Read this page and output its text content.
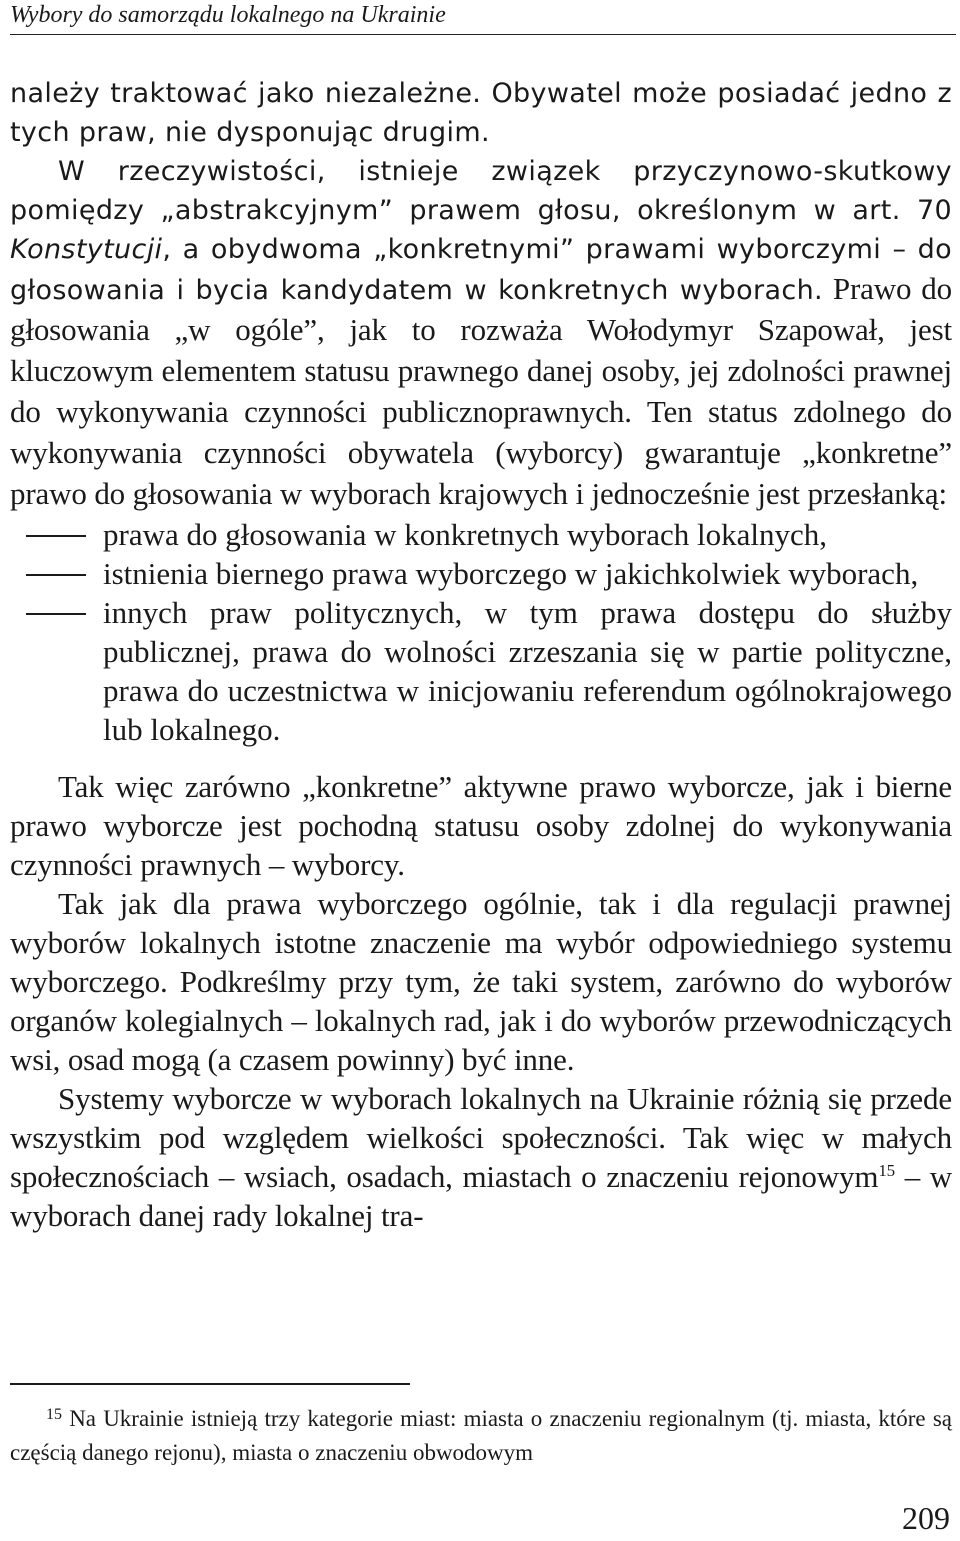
Wybory do samorządu lokalnego na Ukrainie

należy traktować jako niezależne. Obywatel może posiadać jedno z tych praw, nie dysponując drugim.

W rzeczywistości, istnieje związek przyczynowo-skutkowy pomiędzy „abstrakcyjnym” prawem głosu, określonym w art. 70 Konstytucji, a obydwoma „konkretnymi” prawami wyborczymi – do głosowania i bycia kandydatem w konkretnych wyborach. Prawo do głosowania „w ogóle”, jak to rozważa Wołodymyr Szapował, jest kluczowym elementem statusu prawnego danej osoby, jej zdolności prawnej do wykonywania czynności publicznoprawnych. Ten status zdolnego do wykonywania czynności obywatela (wyborcy) gwarantuje „konkretne” prawo do głosowania w wyborach krajowych i jednocześnie jest przesłanką:

prawa do głosowania w konkretnych wyborach lokalnych,
istnienia biernego prawa wyborczego w jakichkolwiek wyborach,
innych praw politycznych, w tym prawa dostępu do służby publicznej, prawa do wolności zrzeszania się w partie polityczne, prawa do uczestnictwa w inicjowaniu referendum ogólnokrajowego lub lokalnego.

Tak więc zarówno „konkretne” aktywne prawo wyborcze, jak i bierne prawo wyborcze jest pochodną statusu osoby zdolnej do wykonywania czynności prawnych – wyborcy.

Tak jak dla prawa wyborczego ogólnie, tak i dla regulacji prawnej wyborów lokalnych istotne znaczenie ma wybór odpowiedniego systemu wyborczego. Podkreślmy przy tym, że taki system, zarówno do wyborów organów kolegialnych – lokalnych rad, jak i do wyborów przewodniczących wsi, osad mogą (a czasem powinny) być inne.

Systemy wyborcze w wyborach lokalnych na Ukrainie różnią się przede wszystkim pod względem wielkości społeczności. Tak więc w małych społecznościach – wsiach, osadach, miastach o znaczeniu rejonowym$^{15}$ – w wyborach danej rady lokalnej tra-

$^{15}$ Na Ukrainie istnieją trzy kategorie miast: miasta o znaczeniu regionalnym (tj. miasta, które są częścią danego rejonu), miasta o znaczeniu obwodowym
209
